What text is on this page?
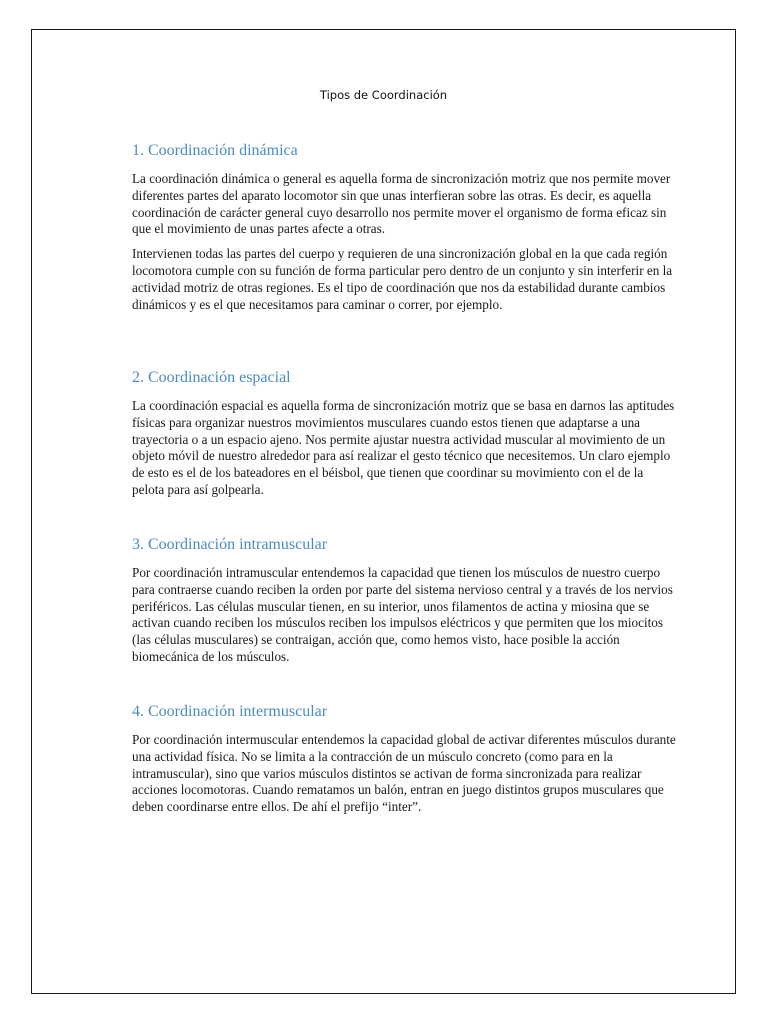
Tipos de Coordinación

1. Coordinación dinámica

La coordinación dinámica o general es aquella forma de sincronización motriz que nos permite mover diferentes partes del aparato locomotor sin que unas interfieran sobre las otras. Es decir, es aquella coordinación de carácter general cuyo desarrollo nos permite mover el organismo de forma eficaz sin que el movimiento de unas partes afecte a otras.

Intervienen todas las partes del cuerpo y requieren de una sincronización global en la que cada región locomotora cumple con su función de forma particular pero dentro de un conjunto y sin interferir en la actividad motriz de otras regiones. Es el tipo de coordinación que nos da estabilidad durante cambios dinámicos y es el que necesitamos para caminar o correr, por ejemplo.

2. Coordinación espacial

La coordinación espacial es aquella forma de sincronización motriz que se basa en darnos las aptitudes físicas para organizar nuestros movimientos musculares cuando estos tienen que adaptarse a una trayectoria o a un espacio ajeno. Nos permite ajustar nuestra actividad muscular al movimiento de un objeto móvil de nuestro alrededor para así realizar el gesto técnico que necesitemos. Un claro ejemplo de esto es el de los bateadores en el béisbol, que tienen que coordinar su movimiento con el de la pelota para así golpearla.

3. Coordinación intramuscular

Por coordinación intramuscular entendemos la capacidad que tienen los músculos de nuestro cuerpo para contraerse cuando reciben la orden por parte del sistema nervioso central y a través de los nervios periféricos. Las células muscular tienen, en su interior, unos filamentos de actina y miosina que se activan cuando reciben los músculos reciben los impulsos eléctricos y que permiten que los miocitos (las células musculares) se contraigan, acción que, como hemos visto, hace posible la acción biomecánica de los músculos.

4. Coordinación intermuscular

Por coordinación intermuscular entendemos la capacidad global de activar diferentes músculos durante una actividad física. No se limita a la contracción de un músculo concreto (como para en la intramuscular), sino que varios músculos distintos se activan de forma sincronizada para realizar acciones locomotoras. Cuando rematamos un balón, entran en juego distintos grupos musculares que deben coordinarse entre ellos. De ahí el prefijo “inter”.
